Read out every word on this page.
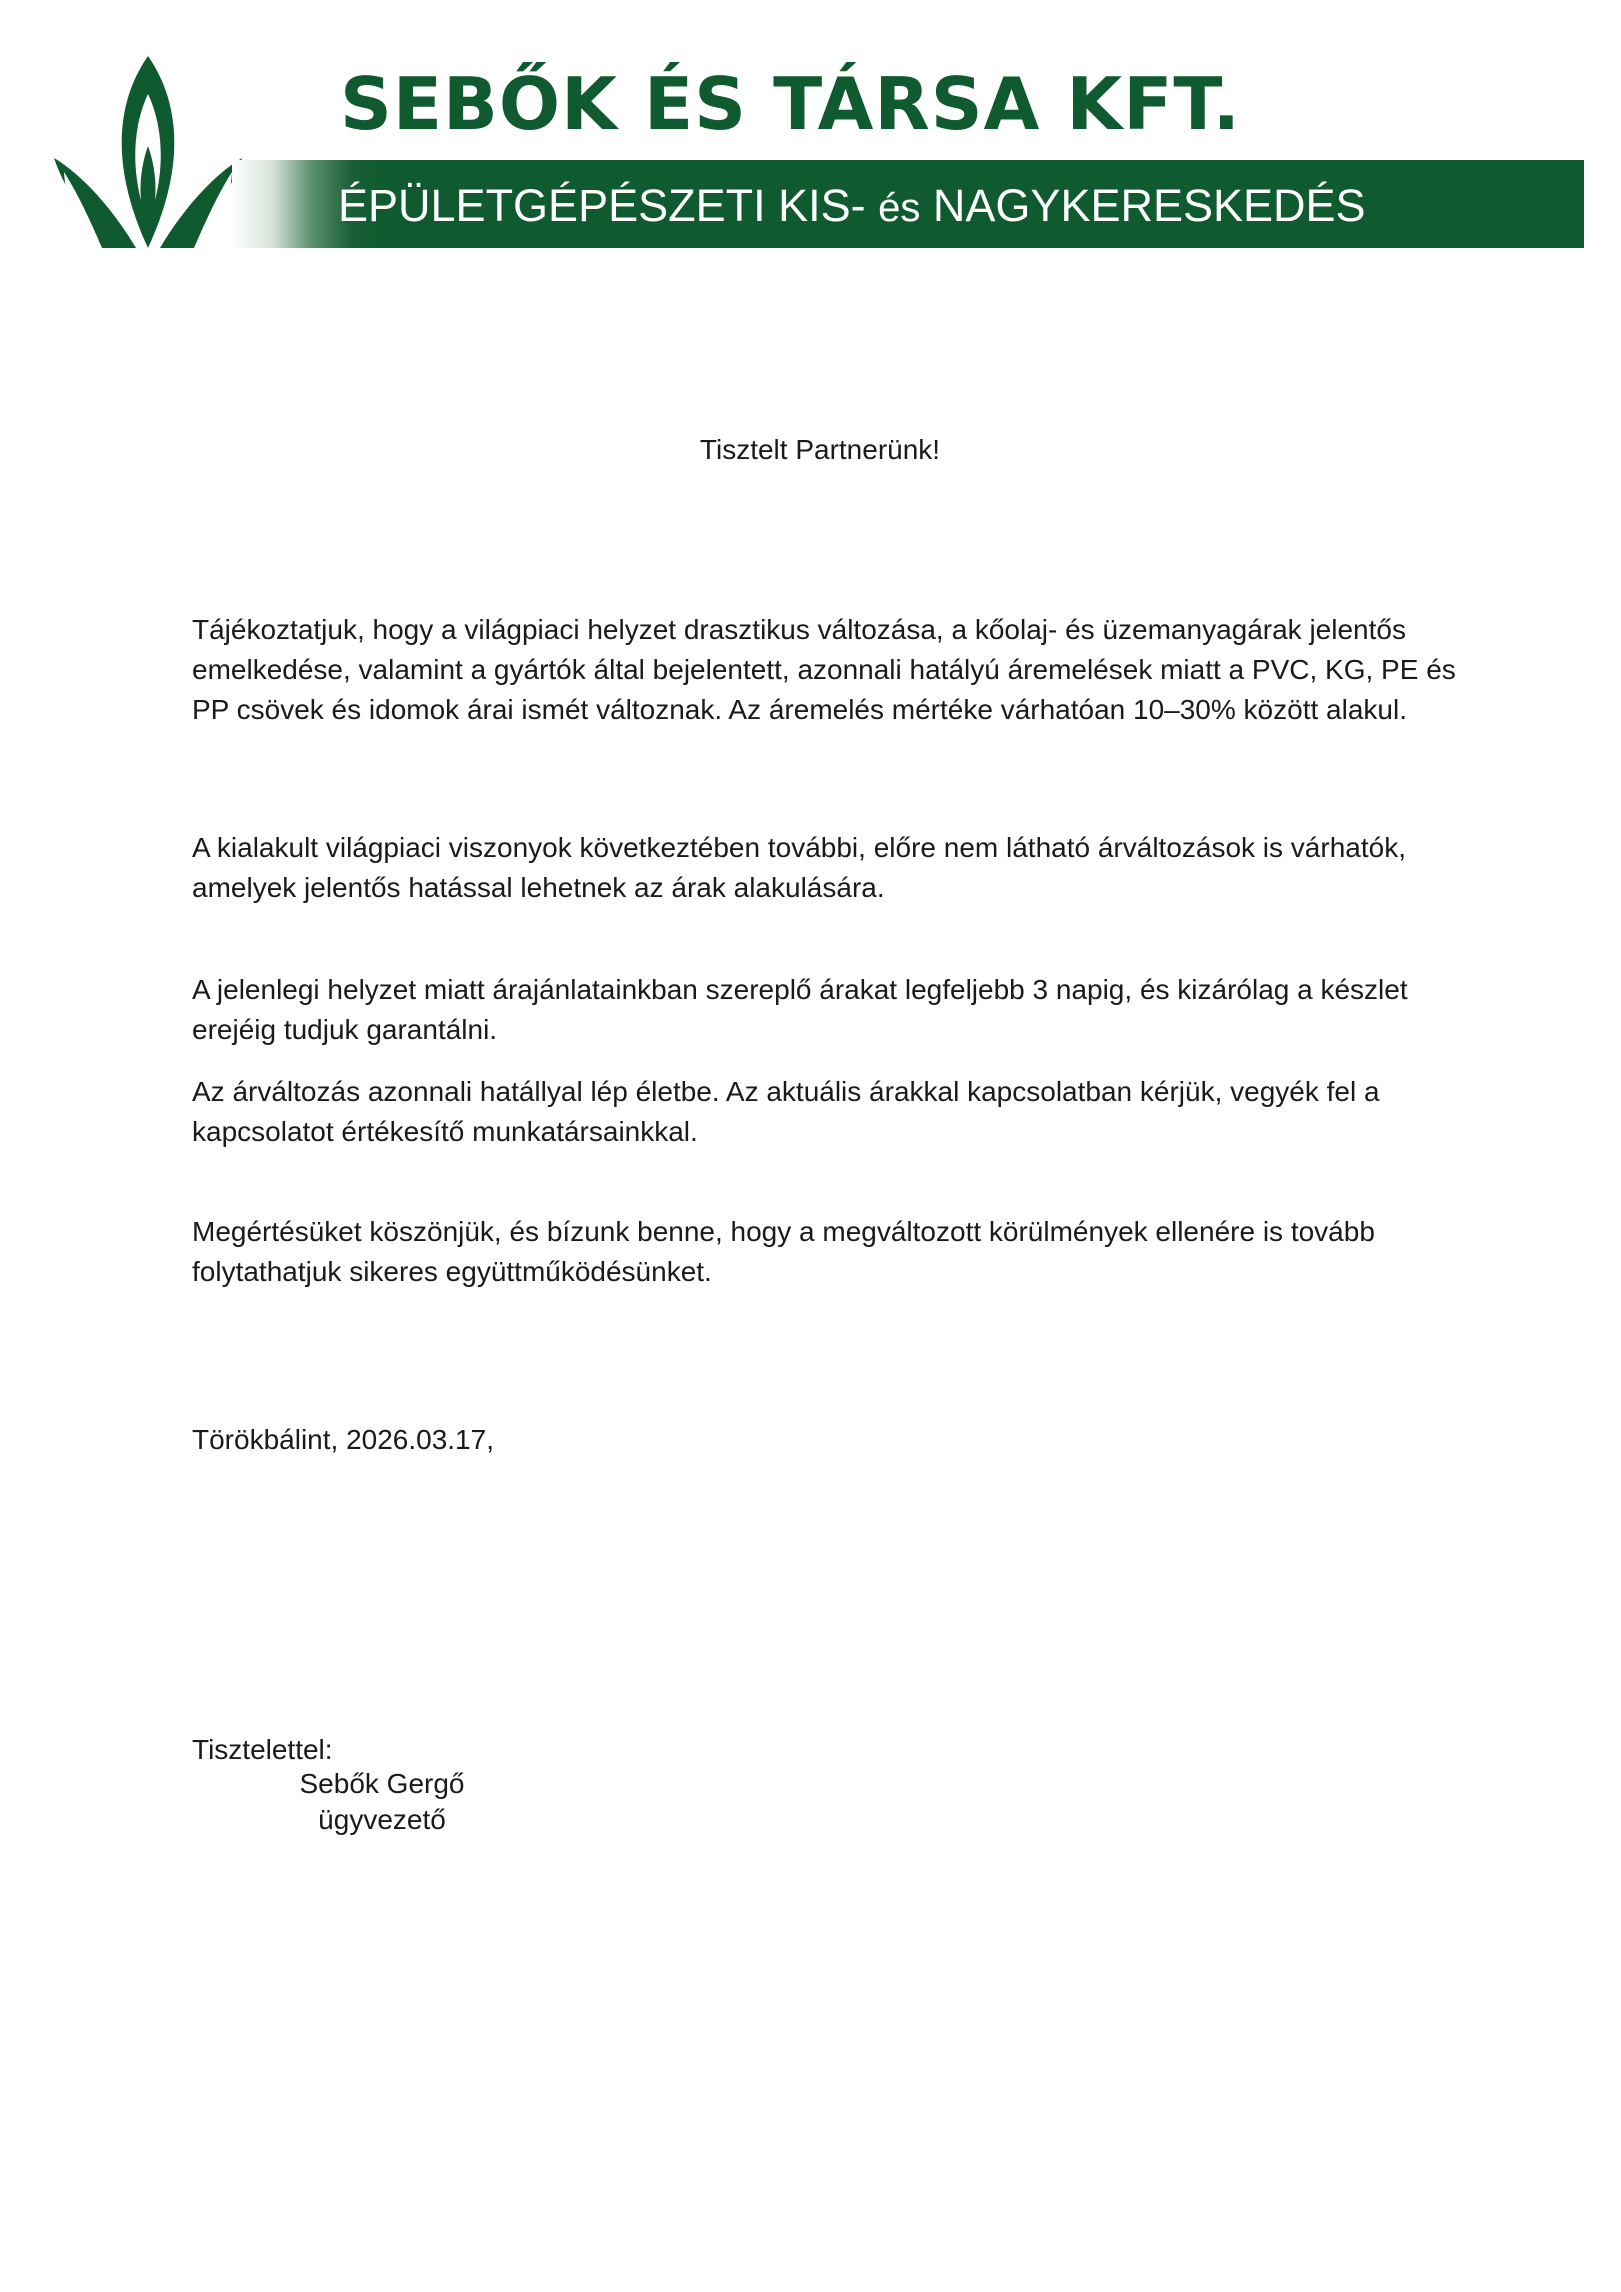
SEBŐK ÉS TÁRSA KFT.
ÉPÜLETGÉPÉSZETI KIS- és NAGYKERESKEDÉS
Tisztelt Partnerünk!

Tájékoztatjuk, hogy a világpiaci helyzet drasztikus változása, a kőolaj- és üzemanyagárak jelentős emelkedése, valamint a gyártók által bejelentett, azonnali hatályú áremelések miatt a PVC, KG, PE és PP csövek és idomok árai ismét változnak. Az áremelés mértéke várhatóan 10–30% között alakul.

A kialakult világpiaci viszonyok következtében további, előre nem látható árváltozások is várhatók, amelyek jelentős hatással lehetnek az árak alakulására.

A jelenlegi helyzet miatt árajánlatainkban szereplő árakat legfeljebb 3 napig, és kizárólag a készlet erejéig tudjuk garantálni.

Az árváltozás azonnali hatállyal lép életbe. Az aktuális árakkal kapcsolatban kérjük, vegyék fel a kapcsolatot értékesítő munkatársainkkal.

Megértésüket köszönjük, és bízunk benne, hogy a megváltozott körülmények ellenére is tovább folytathatjuk sikeres együttműködésünket.

Törökbálint, 2026.03.17,
Tisztelettel:
Sebők Gergő
ügyvezető
